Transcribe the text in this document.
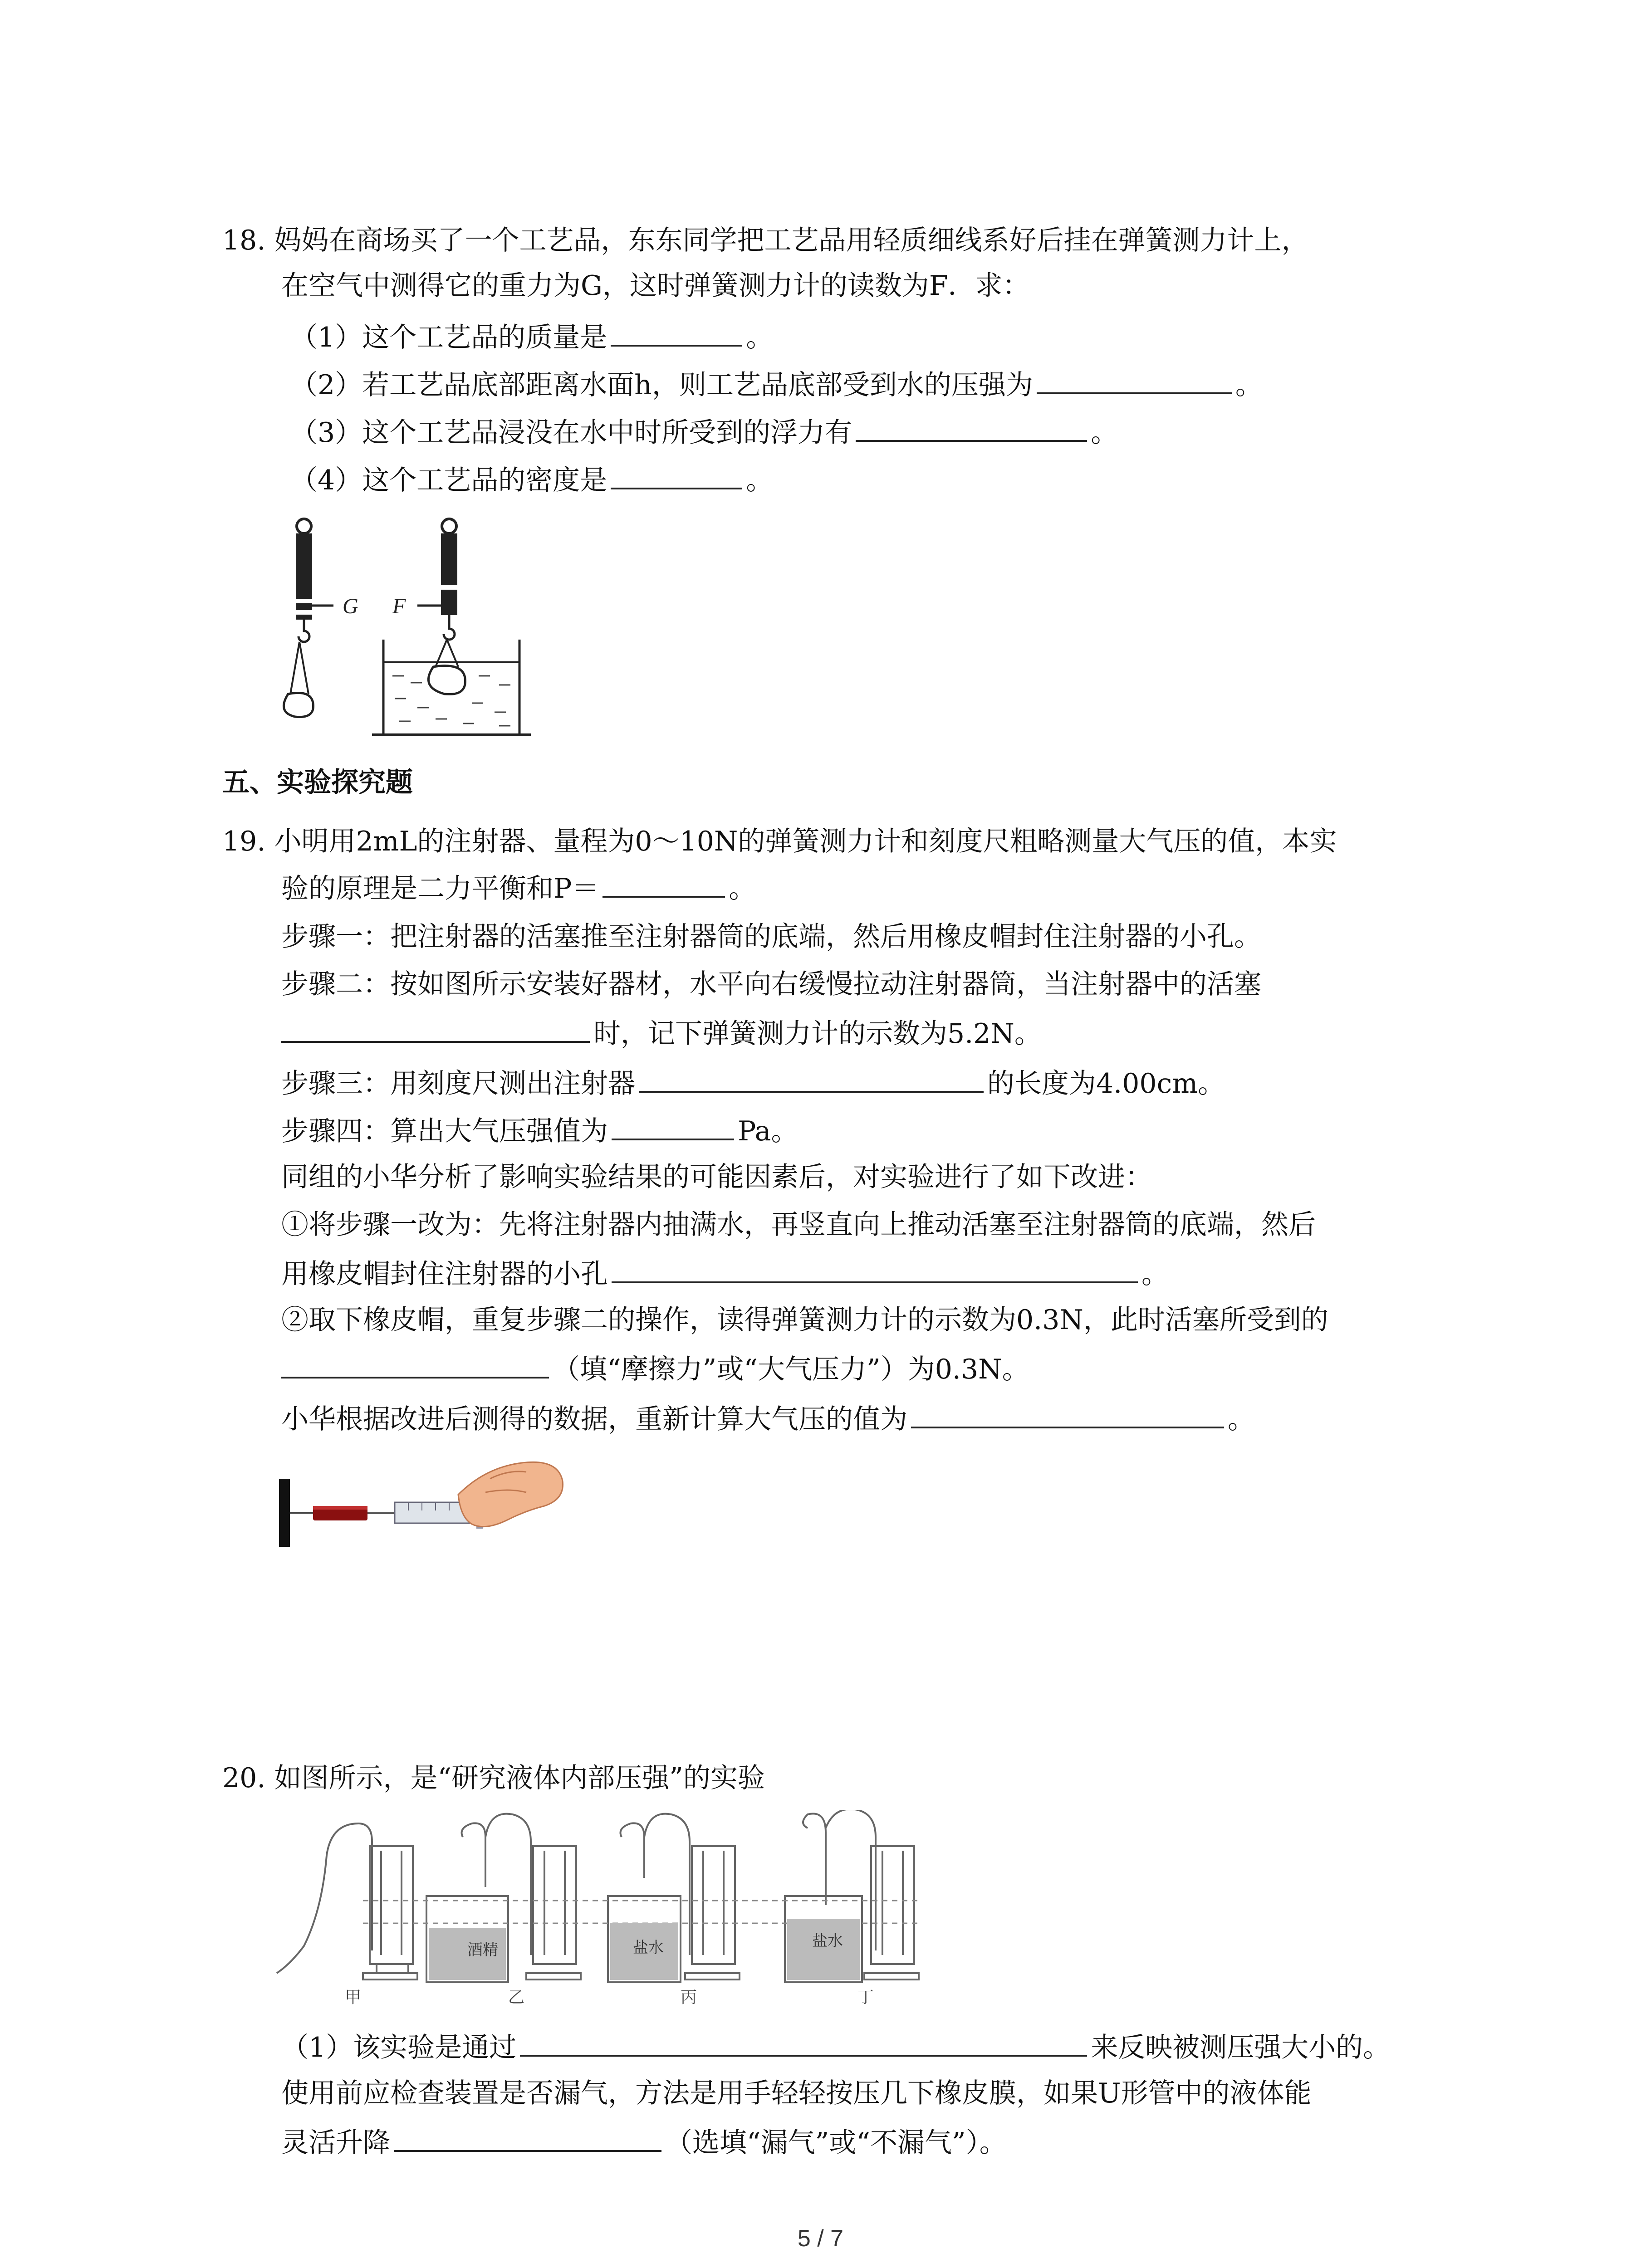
18. 妈妈在商场买了一个工艺品，东东同学把工艺品用轻质细线系好后挂在弹簧测力计上，
在空气中测得它的重力为G，这时弹簧测力计的读数为F．求：
（1）这个工艺品的质量是	。
（2）若工艺品底部距离水面h，则工艺品底部受到水的压强为	。
（3）这个工艺品浸没在水中时所受到的浮力有	。
（4）这个工艺品的密度是	。
G F
五、实验探究题
19. 小明用2mL的注射器、量程为0～10N的弹簧测力计和刻度尺粗略测量大气压的值，本实
验的原理是二力平衡和P＝	。
步骤一：把注射器的活塞推至注射器筒的底端，然后用橡皮帽封住注射器的小孔。
步骤二：按如图所示安装好器材，水平向右缓慢拉动注射器筒，当注射器中的活塞
时，记下弹簧测力计的示数为5.2N。
步骤三：用刻度尺测出注射器	的长度为4.00cm。
步骤四：算出大气压强值为	Pa。
同组的小华分析了影响实验结果的可能因素后，对实验进行了如下改进：
①将步骤一改为：先将注射器内抽满水，再竖直向上推动活塞至注射器筒的底端，然后
用橡皮帽封住注射器的小孔	。
②取下橡皮帽，重复步骤二的操作，读得弹簧测力计的示数为0.3N，此时活塞所受到的
（填“摩擦力”或“大气压力”）为0.3N。
小华根据改进后测得的数据，重新计算大气压的值为	。
20. 如图所示，是“研究液体内部压强”的实验
酒精	盐水	盐水
甲	乙	丙	丁
（1）该实验是通过	来反映被测压强大小的。
使用前应检查装置是否漏气，方法是用手轻轻按压几下橡皮膜，如果U形管中的液体能
灵活升降	（选填“漏气”或“不漏气”）。
5 / 7
